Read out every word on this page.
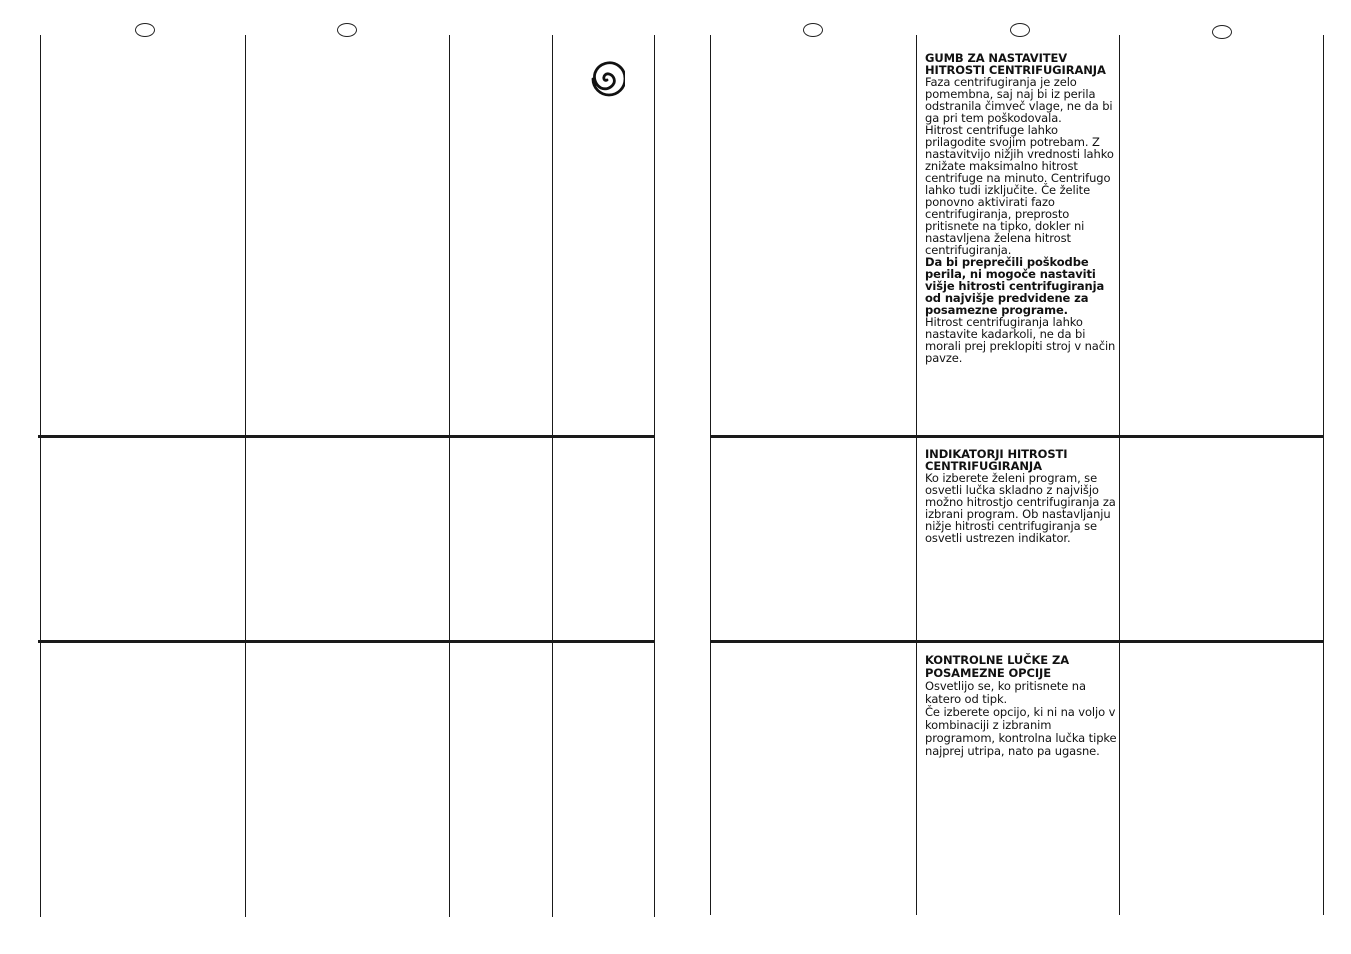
GUMB ZA NASTAVITEV HITROSTI CENTRIFUGIRANJA

Faza centrifugiranja je zelo pomembna, saj naj bi iz perila odstranila čimveč vlage, ne da bi ga pri tem poškodovala.

Hitrost centrifuge lahko prilagodite svojim potrebam. Z nastavitvijo nižjih vrednosti lahko znižate maksimalno hitrost centrifuge na minuto. Centrifugo lahko tudi izključite. Če želite ponovno aktivirati fazo centrifugiranja, preprosto pritisnete na tipko, dokler ni nastavljena želena hitrost centrifugiranja.

Da bi preprečili poškodbe perila, ni mogoče nastaviti višje hitrosti centrifugiranja od najvišje predvidene za posamezne programe.

Hitrost centrifugiranja lahko nastavite kadarkoli, ne da bi morali prej preklopiti stroj v način pavze.

INDIKATORJI HITROSTI CENTRIFUGIRANJA

Ko izberete želeni program, se osvetli lučka skladno z najvišjo možno hitrostjo centrifugiranja za izbrani program. Ob nastavljanju nižje hitrosti centrifugiranja se osvetli ustrezen indikator.

KONTROLNE LUČKE ZA POSAMEZNE OPCIJE

Osvetlijo se, ko pritisnete na katero od tipk.

Če izberete opcijo, ki ni na voljo v kombinaciji z izbranim programom, kontrolna lučka tipke najprej utripa, nato pa ugasne.
